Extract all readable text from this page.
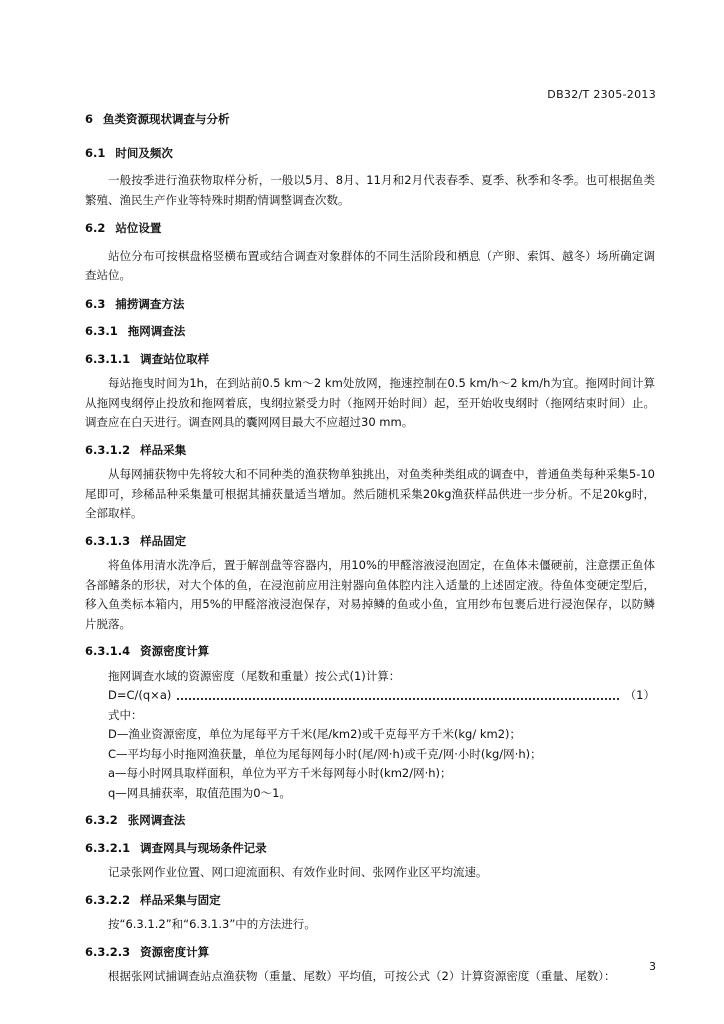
DB32/T 2305-2013
6 鱼类资源现状调查与分析
6.1 时间及频次

一般按季进行渔获物取样分析，一般以5月、8月、11月和2月代表春季、夏季、秋季和冬季。也可根据鱼类繁殖、渔民生产作业等特殊时期酌情调整调查次数。

6.2 站位设置

站位分布可按棋盘格竖横布置或结合调查对象群体的不同生活阶段和栖息（产卵、索饵、越冬）场所确定调查站位。

6.3 捕捞调查方法
6.3.1 拖网调查法
6.3.1.1 调查站位取样

每站拖曳时间为1h，在到站前0.5 km～2 km处放网，拖速控制在0.5 km/h～2 km/h为宜。拖网时间计算从拖网曳纲停止投放和拖网着底，曳纲拉紧受力时（拖网开始时间）起，至开始收曳纲时（拖网结束时间）止。调查应在白天进行。调查网具的囊网网目最大不应超过30 mm。

6.3.1.2 样品采集

从每网捕获物中先将较大和不同种类的渔获物单独挑出，对鱼类种类组成的调查中，普通鱼类每种采集5-10尾即可，珍稀品种采集量可根据其捕获量适当增加。然后随机采集20kg渔获样品供进一步分析。不足20kg时，全部取样。

6.3.1.3 样品固定

将鱼体用清水洗净后，置于解剖盘等容器内，用10%的甲醛溶液浸泡固定，在鱼体未僵硬前，注意摆正鱼体各部鳍条的形状，对大个体的鱼，在浸泡前应用注射器向鱼体腔内注入适量的上述固定液。待鱼体变硬定型后，移入鱼类标本箱内，用5%的甲醛溶液浸泡保存，对易掉鳞的鱼或小鱼，宜用纱布包裹后进行浸泡保存，以防鳞片脱落。

6.3.1.4 资源密度计算

拖网调查水域的资源密度（尾数和重量）按公式(1)计算：

D=C/(q×a)	（1）

式中：

D—渔业资源密度，单位为尾每平方千米(尾/km2)或千克每平方千米(kg/ km2)；

C—平均每小时拖网渔获量，单位为尾每网每小时(尾/网·h)或千克/网·小时(kg/网·h)；

a—每小时网具取样面积，单位为平方千米每网每小时(km2/网·h)；

q—网具捕获率，取值范围为0～1。

6.3.2 张网调查法
6.3.2.1 调查网具与现场条件记录

记录张网作业位置、网口迎流面积、有效作业时间、张网作业区平均流速。

6.3.2.2 样品采集与固定

按“6.3.1.2”和“6.3.1.3”中的方法进行。

6.3.2.3 资源密度计算

根据张网试捕调查站点渔获物（重量、尾数）平均值，可按公式（2）计算资源密度（重量、尾数）：

3
